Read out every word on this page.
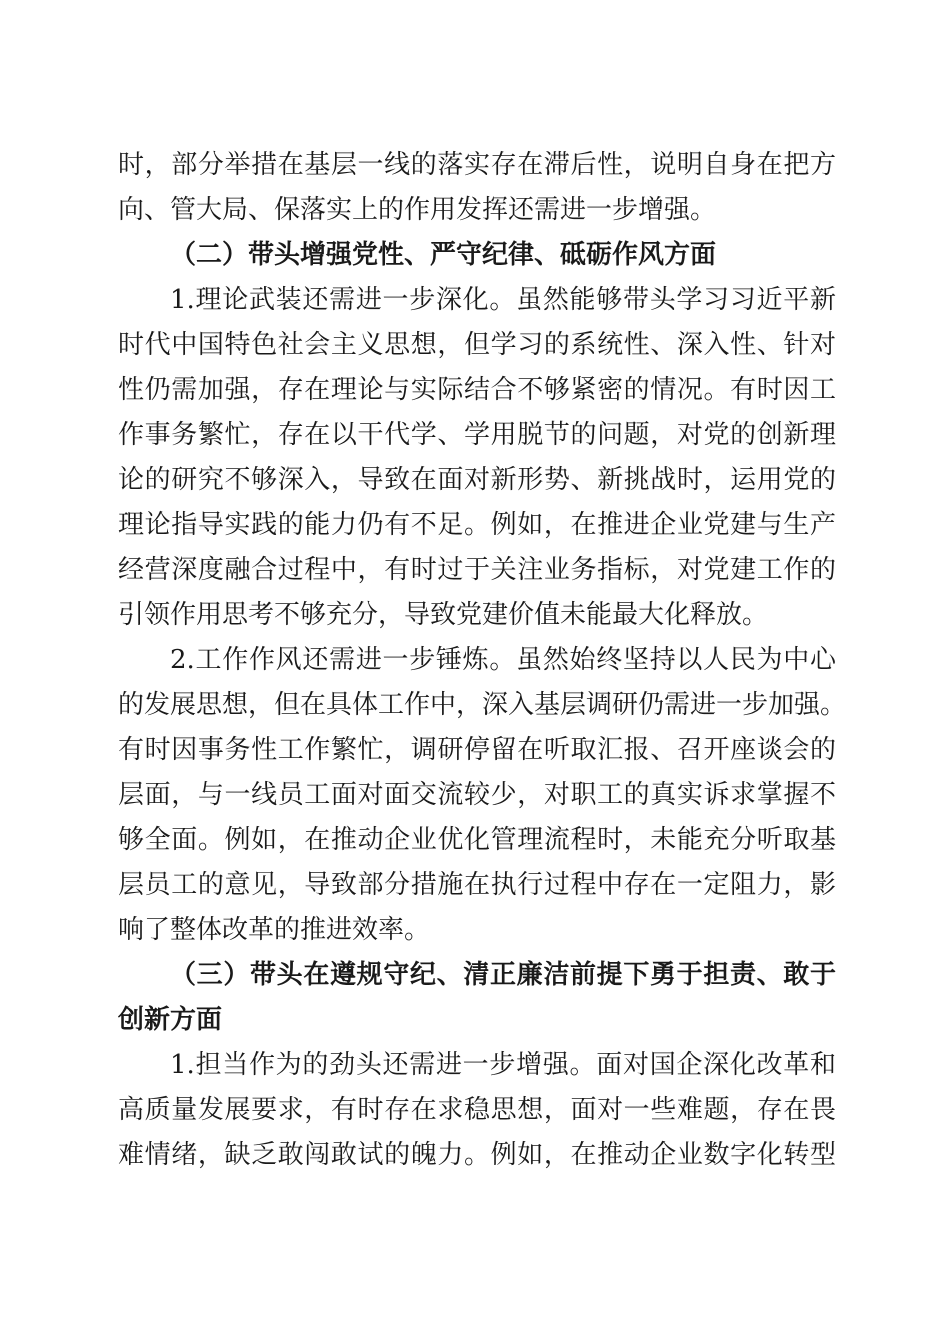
时，部分举措在基层一线的落实存在滞后性，说明自身在把方
向、管大局、保落实上的作用发挥还需进一步增强。
（二）带头增强党性、严守纪律、砥砺作风方面
1.理论武装还需进一步深化。虽然能够带头学习习近平新
时代中国特色社会主义思想，但学习的系统性、深入性、针对
性仍需加强，存在理论与实际结合不够紧密的情况。有时因工
作事务繁忙，存在以干代学、学用脱节的问题，对党的创新理
论的研究不够深入，导致在面对新形势、新挑战时，运用党的
理论指导实践的能力仍有不足。例如，在推进企业党建与生产
经营深度融合过程中，有时过于关注业务指标，对党建工作的
引领作用思考不够充分，导致党建价值未能最大化释放。
2.工作作风还需进一步锤炼。虽然始终坚持以人民为中心
的发展思想，但在具体工作中，深入基层调研仍需进一步加强。
有时因事务性工作繁忙，调研停留在听取汇报、召开座谈会的
层面，与一线员工面对面交流较少，对职工的真实诉求掌握不
够全面。例如，在推动企业优化管理流程时，未能充分听取基
层员工的意见，导致部分措施在执行过程中存在一定阻力，影
响了整体改革的推进效率。
（三）带头在遵规守纪、清正廉洁前提下勇于担责、敢于
创新方面
1.担当作为的劲头还需进一步增强。面对国企深化改革和
高质量发展要求，有时存在求稳思想，面对一些难题，存在畏
难情绪，缺乏敢闯敢试的魄力。例如，在推动企业数字化转型
